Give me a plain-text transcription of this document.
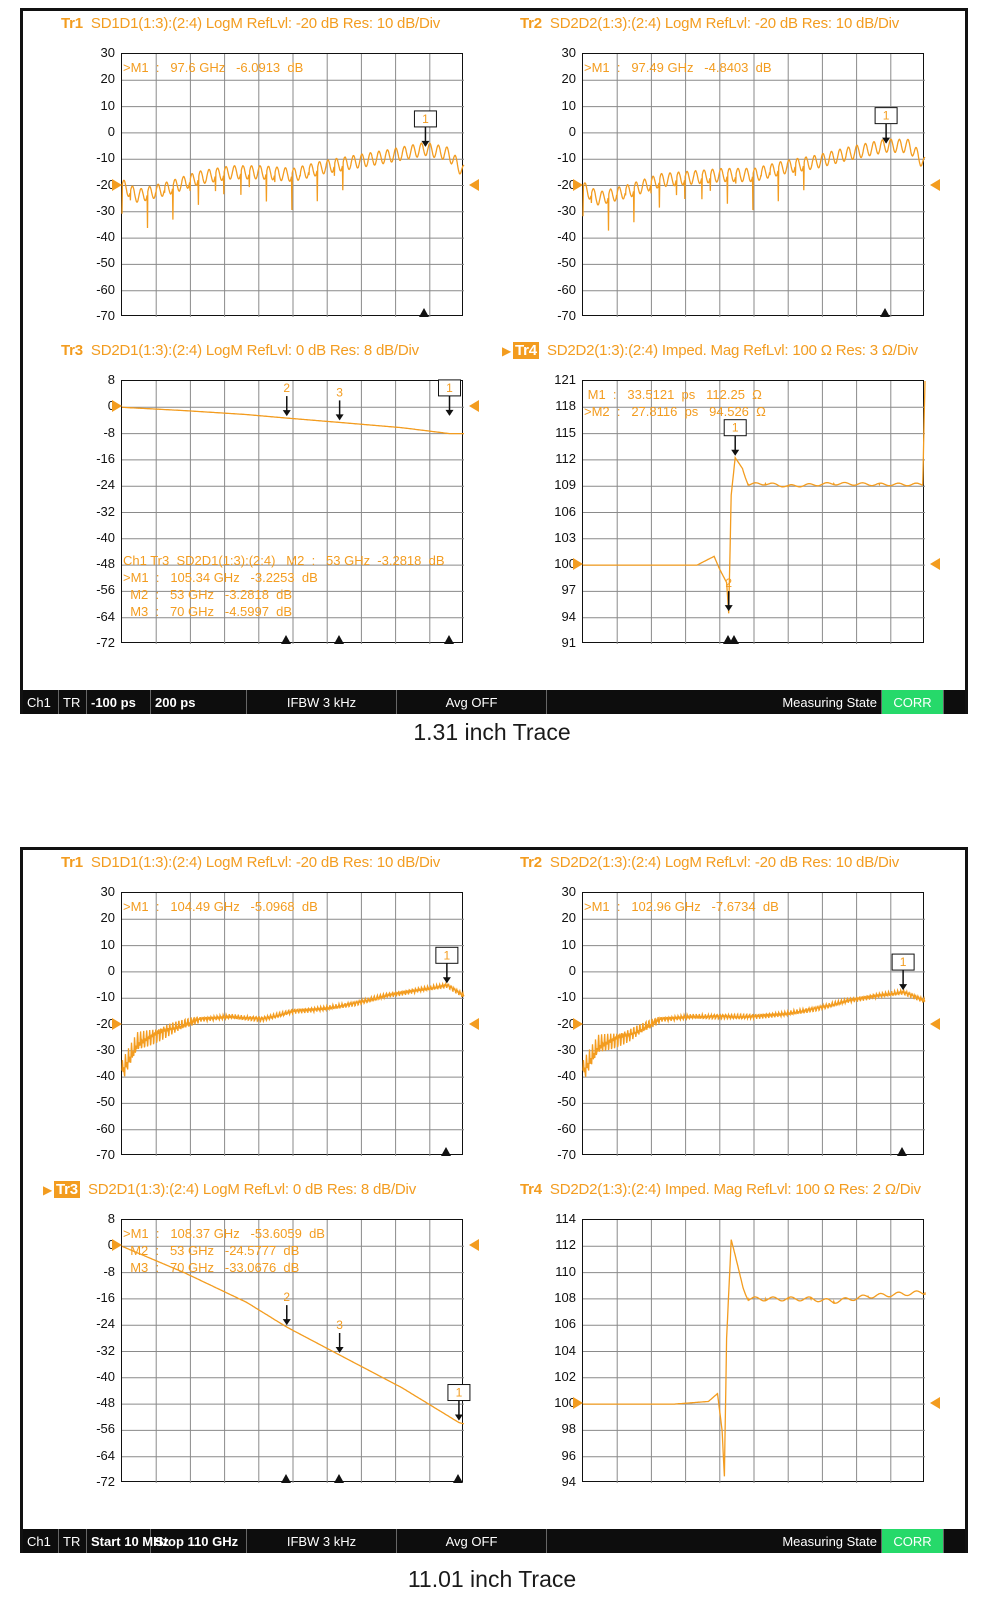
Tr1 SD1D1(1:3):(2:4) LogM RefLvl: -20 dB Res: 10 dB/Div
1
30
20
10
0
-10
-20
-30
-40
-50
-60
-70
>M1  :   97.6 GHz   -6.0913  dB
Tr2 SD2D2(1:3):(2:4) LogM RefLvl: -20 dB Res: 10 dB/Div
1
30
20
10
0
-10
-20
-30
-40
-50
-60
-70
>M1  :   97.49 GHz   -4.8403  dB
Tr3 SD2D1(1:3):(2:4) LogM RefLvl: 0 dB Res: 8 dB/Div
1
2	3
8
0
-8
-16
-24
-32
-40
-48
-56
-64
-72
Ch1 Tr3  SD2D1(1:3):(2:4)   M2  :   53 GHz  -3.2818  dB
>M1  :   105.34 GHz   -3.2253  dB
M2  :   53 GHz   -3.2818  dB
M3  :   70 GHz   -4.5997  dB
▶ Tr4 SD2D2(1:3):(2:4) Imped. Mag RefLvl: 100 Ω Res: 3 Ω/Div
1
2
121
118
115
112
109
106
103
100
97
94
91
M1  :   33.5121  ps   112.25  Ω
>M2  :   27.8116  ps   94.526  Ω
Ch1 TR -100 ps	200 ps	IFBW 3 kHz	Avg OFF	Measuring State	CORR
1.31 inch Trace
Tr1 SD1D1(1:3):(2:4) LogM RefLvl: -20 dB Res: 10 dB/Div
1
30
20
10
0
-10
-20
-30
-40
-50
-60
-70
>M1  :   104.49 GHz   -5.0968  dB
Tr2 SD2D2(1:3):(2:4) LogM RefLvl: -20 dB Res: 10 dB/Div
1
30
20
10
0
-10
-20
-30
-40
-50
-60
-70
>M1  :   102.96 GHz   -7.6734  dB
▶ Tr3 SD2D1(1:3):(2:4) LogM RefLvl: 0 dB Res: 8 dB/Div
1
2
3
8
0
-8
-16
-24
-32
-40
-48
-56
-64
-72
>M1  :   108.37 GHz   -53.6059  dB
M2  :   53 GHz   -24.5777  dB
M3  :   70 GHz   -33.0676  dB
Tr4 SD2D2(1:3):(2:4) Imped. Mag RefLvl: 100 Ω Res: 2 Ω/Div
114
112
110
108
106
104
102
100
98
96
94
Ch1 TR Start 10 MHz
Stop 110 GHz	IFBW 3 kHz	Avg OFF	Measuring State	CORR
11.01 inch Trace
